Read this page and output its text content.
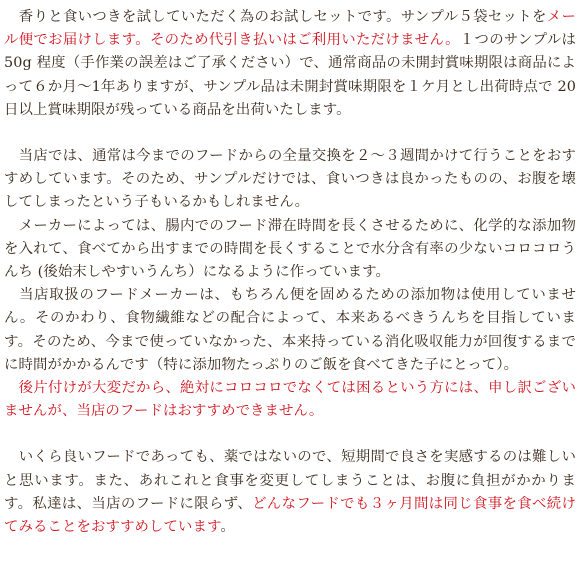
　香りと食いつきを試していただく為のお試しセットです。サンプル５袋セットをメール便でお届けします。そのため代引き払いはご利用いただけません。１つのサンプルは 50g 程度（手作業の誤差はご了承ください）で、通常商品の未開封賞味期限は商品によって６か月～1年ありますが、サンプル品は未開封賞味期限を１ケ月とし出荷時点で 20 日以上賞味期限が残っている商品を出荷いたします。

　当店では、通常は今までのフードからの全量交換を２～３週間かけて行うことをおすすめしています。そのため、サンプルだけでは、食いつきは良かったものの、お腹を壊してしまったという子もいるかもしれません。

　メーカーによっては、腸内でのフード滞在時間を長くさせるために、化学的な添加物を入れて、食べてから出すまでの時間を長くすることで水分含有率の少ないコロコロうんち (後始末しやすいうんち）になるように作っています。

　当店取扱のフードメーカーは、もちろん便を固めるための添加物は使用していません。そのかわり、食物繊維などの配合によって、本来あるべきうんちを目指しています。そのため、今まで使っていなかった、本来持っている消化吸収能力が回復するまでに時間がかかるんです（特に添加物たっぷりのご飯を食べてきた子にとって）。

　後片付けが大変だから、絶対にコロコロでなくては困るという方には、申し訳ございませんが、当店のフードはおすすめできません。

　いくら良いフードであっても、薬ではないので、短期間で良さを実感するのは難しいと思います。また、あれこれと食事を変更してしまうことは、お腹に負担がかかります。私達は、当店のフードに限らず、どんなフードでも３ヶ月間は同じ食事を食べ続けてみることをおすすめしています。
